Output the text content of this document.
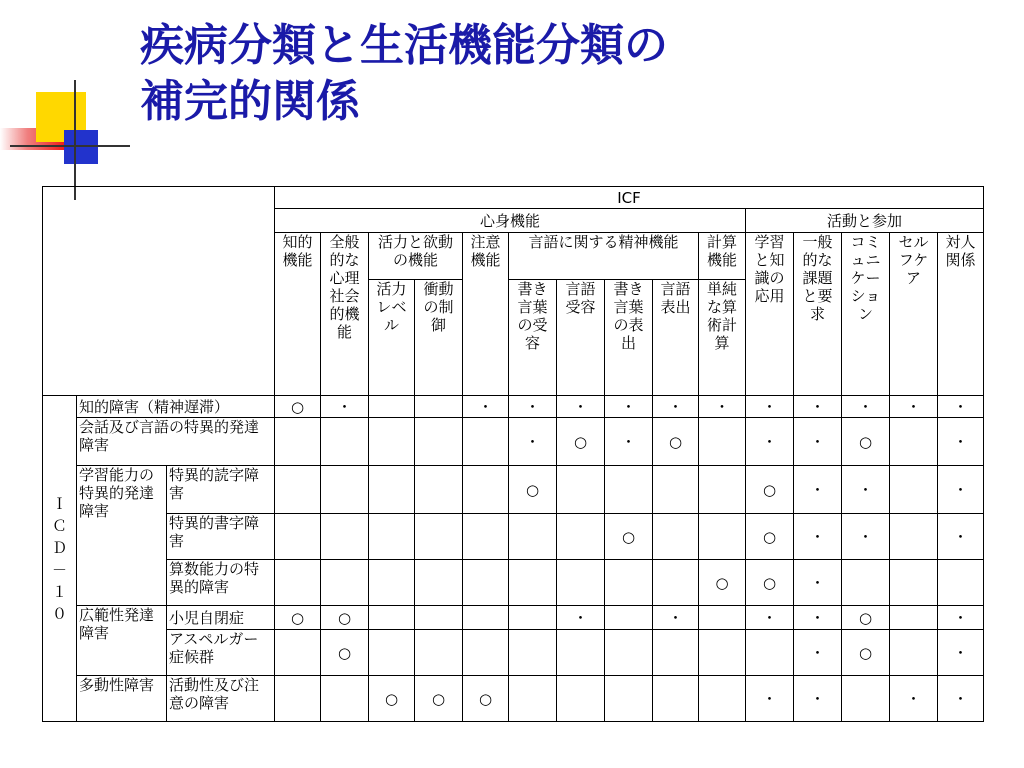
疾病分類と生活機能分類の
補完的関係
			ICF														
			心身機能										活動と参加				
			知的機能	全般的な心理社会的機能	活力と欲動の機能		注意機能	言語に関する精神機能				計算機能	学習と知識の応用	一般的な課題と要求	コミュニケーション	セルフケア	対人関係
					活力レベル	衝動の制御		書き言葉の受容	言語受容	書き言葉の表出	言語表出	単純な算術計算					
ＩＣＤ－１０	知的障害（精神遅滞）		○	・			・	・	・	・	・	・	・	・	・	・	・
	会話及び言語の特異的発達障害							・	○	・	○		・	・	○		・
	学習能力の特異的発達障害	特異的読字障害						○					○	・	・		・
		特異的書字障害								○			○	・	・		・
		算数能力の特異的障害										○	○	・			
	広範性発達障害	小児自閉症	○	○					・		・		・	・	○		・
		アスペルガー症候群		○										・	○		・
	多動性障害	活動性及び注意の障害			○	○	○						・	・		・	・
